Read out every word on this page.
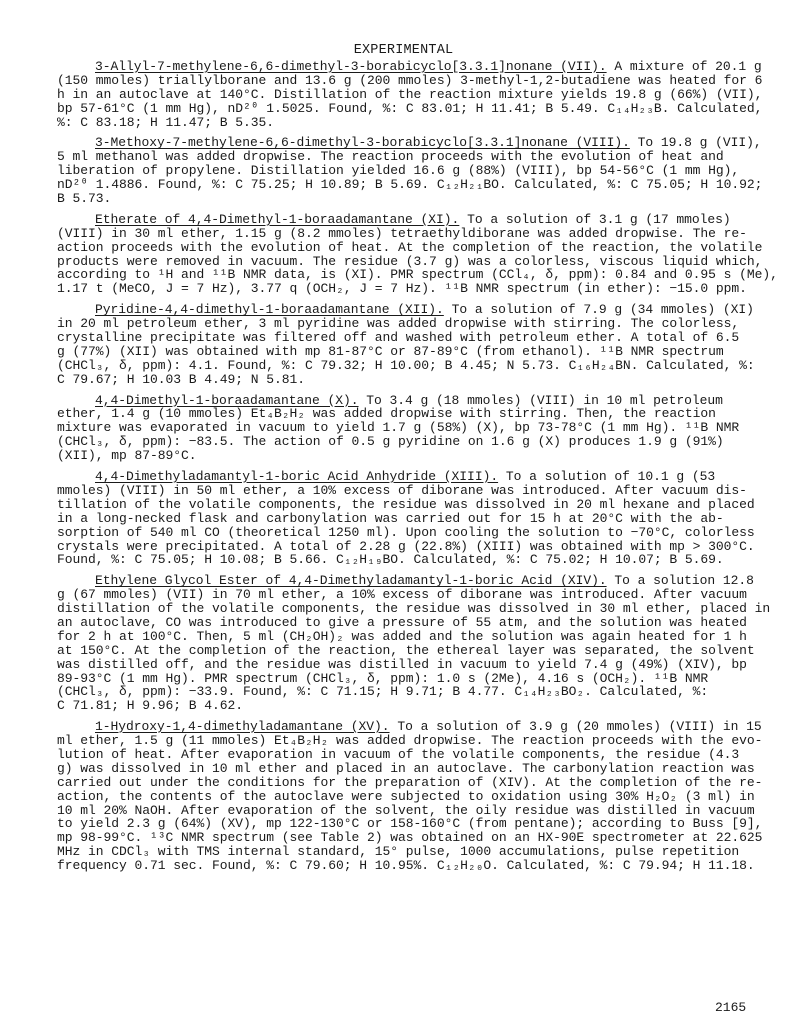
EXPERIMENTAL
3-Allyl-7-methylene-6,6-dimethyl-3-borabicyclo[3.3.1]nonane (VII). A mixture of 20.1 g
(150 mmoles) triallylborane and 13.6 g (200 mmoles) 3-methyl-1,2-butadiene was heated for 6
h in an autoclave at 140°C. Distillation of the reaction mixture yields 19.8 g (66%) (VII),
bp 57-61°C (1 mm Hg), nD²⁰ 1.5025. Found, %: C 83.01; H 11.41; B 5.49. C₁₄H₂₃B. Calculated,
%: C 83.18; H 11.47; B 5.35.
3-Methoxy-7-methylene-6,6-dimethyl-3-borabicyclo[3.3.1]nonane (VIII). To 19.8 g (VII),
5 ml methanol was added dropwise. The reaction proceeds with the evolution of heat and
liberation of propylene. Distillation yielded 16.6 g (88%) (VIII), bp 54-56°C (1 mm Hg),
nD²⁰ 1.4886. Found, %: C 75.25; H 10.89; B 5.69. C₁₂H₂₁BO. Calculated, %: C 75.05; H 10.92;
B 5.73.
Etherate of 4,4-Dimethyl-1-boraadamantane (XI). To a solution of 3.1 g (17 mmoles)
(VIII) in 30 ml ether, 1.15 g (8.2 mmoles) tetraethyldiborane was added dropwise. The re-
action proceeds with the evolution of heat. At the completion of the reaction, the volatile
products were removed in vacuum. The residue (3.7 g) was a colorless, viscous liquid which,
according to ¹H and ¹¹B NMR data, is (XI). PMR spectrum (CCl₄, δ, ppm): 0.84 and 0.95 s (Me),
1.17 t (MeCO, J = 7 Hz), 3.77 q (OCH₂, J = 7 Hz). ¹¹B NMR spectrum (in ether): −15.0 ppm.
Pyridine-4,4-dimethyl-1-boraadamantane (XII). To a solution of 7.9 g (34 mmoles) (XI)
in 20 ml petroleum ether, 3 ml pyridine was added dropwise with stirring. The colorless,
crystalline precipitate was filtered off and washed with petroleum ether. A total of 6.5
g (77%) (XII) was obtained with mp 81-87°C or 87-89°C (from ethanol). ¹¹B NMR spectrum
(CHCl₃, δ, ppm): 4.1. Found, %: C 79.32; H 10.00; B 4.45; N 5.73. C₁₆H₂₄BN. Calculated, %:
C 79.67; H 10.03 B 4.49; N 5.81.
4,4-Dimethyl-1-boraadamantane (X). To 3.4 g (18 mmoles) (VIII) in 10 ml petroleum
ether, 1.4 g (10 mmoles) Et₄B₂H₂ was added dropwise with stirring. Then, the reaction
mixture was evaporated in vacuum to yield 1.7 g (58%) (X), bp 73-78°C (1 mm Hg). ¹¹B NMR
(CHCl₃, δ, ppm): −83.5. The action of 0.5 g pyridine on 1.6 g (X) produces 1.9 g (91%)
(XII), mp 87-89°C.
4,4-Dimethyladamantyl-1-boric Acid Anhydride (XIII). To a solution of 10.1 g (53
mmoles) (VIII) in 50 ml ether, a 10% excess of diborane was introduced. After vacuum dis-
tillation of the volatile components, the residue was dissolved in 20 ml hexane and placed
in a long-necked flask and carbonylation was carried out for 15 h at 20°C with the ab-
sorption of 540 ml CO (theoretical 1250 ml). Upon cooling the solution to −70°C, colorless
crystals were precipitated. A total of 2.28 g (22.8%) (XIII) was obtained with mp > 300°C.
Found, %: C 75.05; H 10.08; B 5.66. C₁₂H₁₉BO. Calculated, %: C 75.02; H 10.07; B 5.69.
Ethylene Glycol Ester of 4,4-Dimethyladamantyl-1-boric Acid (XIV). To a solution 12.8
g (67 mmoles) (VII) in 70 ml ether, a 10% excess of diborane was introduced. After vacuum
distillation of the volatile components, the residue was dissolved in 30 ml ether, placed in
an autoclave, CO was introduced to give a pressure of 55 atm, and the solution was heated
for 2 h at 100°C. Then, 5 ml (CH₂OH)₂ was added and the solution was again heated for 1 h
at 150°C. At the completion of the reaction, the ethereal layer was separated, the solvent
was distilled off, and the residue was distilled in vacuum to yield 7.4 g (49%) (XIV), bp
89-93°C (1 mm Hg). PMR spectrum (CHCl₃, δ, ppm): 1.0 s (2Me), 4.16 s (OCH₂). ¹¹B NMR
(CHCl₃, δ, ppm): −33.9. Found, %: C 71.15; H 9.71; B 4.77. C₁₄H₂₃BO₂. Calculated, %:
C 71.81; H 9.96; B 4.62.
1-Hydroxy-1,4-dimethyladamantane (XV). To a solution of 3.9 g (20 mmoles) (VIII) in 15
ml ether, 1.5 g (11 mmoles) Et₄B₂H₂ was added dropwise. The reaction proceeds with the evo-
lution of heat. After evaporation in vacuum of the volatile components, the residue (4.3
g) was dissolved in 10 ml ether and placed in an autoclave. The carbonylation reaction was
carried out under the conditions for the preparation of (XIV). At the completion of the re-
action, the contents of the autoclave were subjected to oxidation using 30% H₂O₂ (3 ml) in
10 ml 20% NaOH. After evaporation of the solvent, the oily residue was distilled in vacuum
to yield 2.3 g (64%) (XV), mp 122-130°C or 158-160°C (from pentane); according to Buss [9],
mp 98-99°C. ¹³C NMR spectrum (see Table 2) was obtained on an HX-90E spectrometer at 22.625
MHz in CDCl₃ with TMS internal standard, 15° pulse, 1000 accumulations, pulse repetition
frequency 0.71 sec. Found, %: C 79.60; H 10.95%. C₁₂H₂₀O. Calculated, %: C 79.94; H 11.18.
2165
